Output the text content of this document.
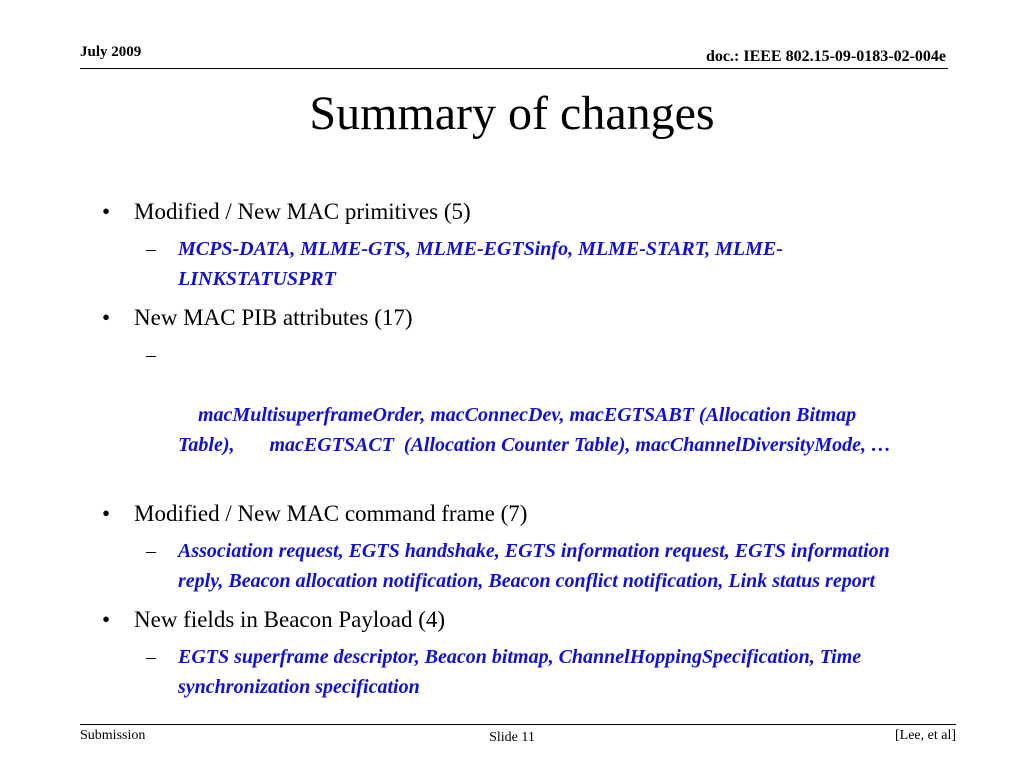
July 2009	doc.: IEEE 802.15-09-0183-02-004e
Summary of changes
• Modified / New MAC primitives (5)
– MCPS-DATA, MLME-GTS, MLME-EGTSinfo, MLME-START, MLME-LINKSTATUSPRT
• New MAC PIB attributes (17)

–

macMultisuperframeOrder, macConnecDev, macEGTSABT (Allocation Bitmap Table),       macEGTSACT  (Allocation Counter Table), macChannelDiversityMode, …

• Modified / New MAC command frame (7)
– Association request, EGTS handshake, EGTS information request, EGTS information reply, Beacon allocation notification, Beacon conflict notification, Link status report
• New fields in Beacon Payload (4)
– EGTS superframe descriptor, Beacon bitmap, ChannelHoppingSpecification, Time synchronization specification
Submission	Slide 11	[Lee, et al]
